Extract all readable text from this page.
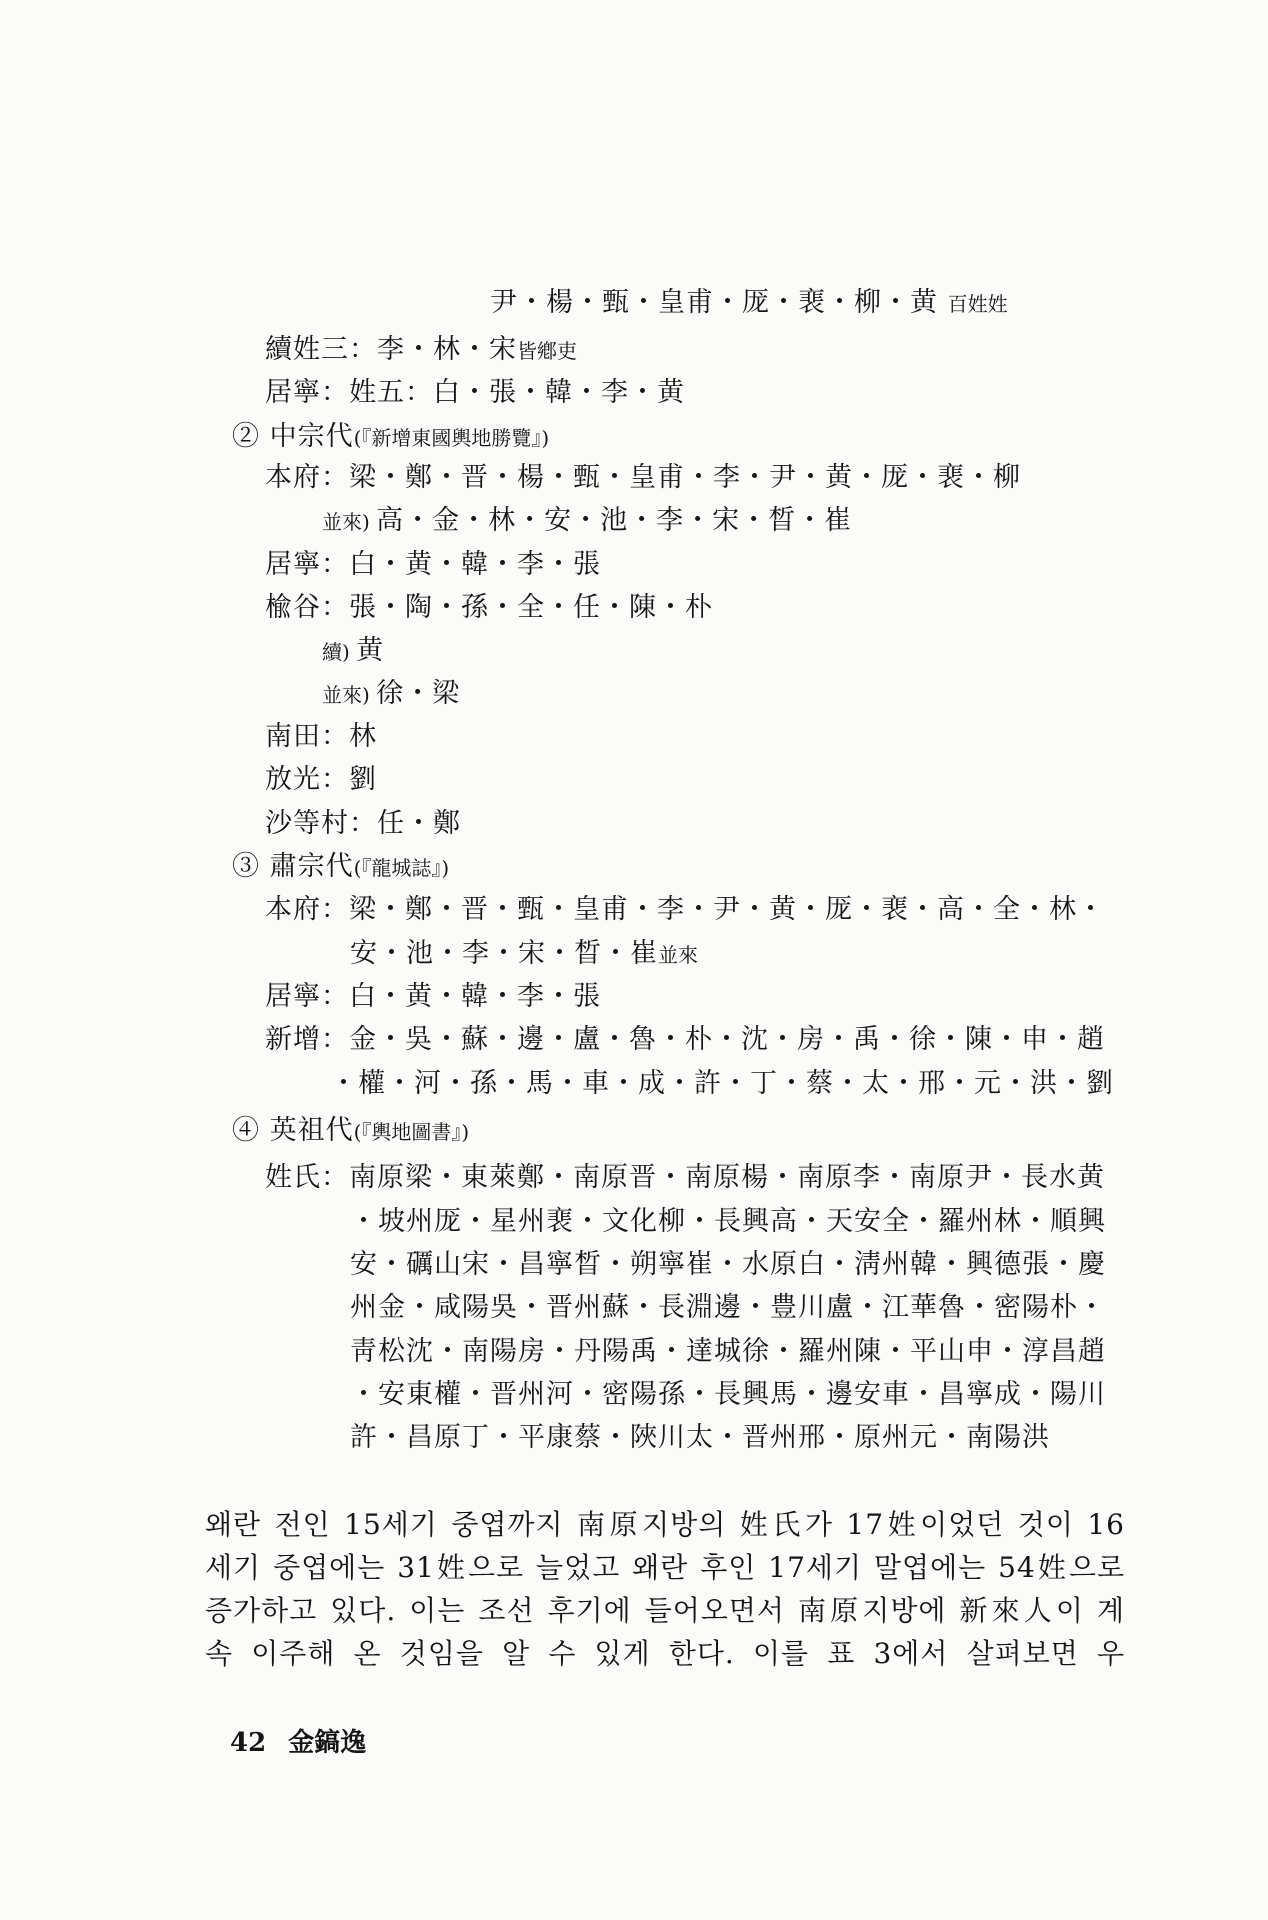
尹・楊・甄・皇甫・厐・裵・柳・黄 百姓姓
續姓三：李・林・宋皆鄕吏
居寧：姓五：白・張・韓・李・黄
② 中宗代(『新增東國輿地勝覽』)
本府：梁・鄭・晋・楊・甄・皇甫・李・尹・黄・厐・裵・柳
並來) 高・金・林・安・池・李・宋・晳・崔
居寧：白・黄・韓・李・張
楡谷：張・陶・孫・全・任・陳・朴
續) 黄
並來) 徐・梁
南田：林
放光：劉
沙等村：任・鄭
③ 肅宗代(『龍城誌』)
本府：梁・鄭・晋・甄・皇甫・李・尹・黄・厐・裵・高・全・林・
安・池・李・宋・晳・崔並來
居寧：白・黄・韓・李・張
新增：金・吳・蘇・邊・盧・魯・朴・沈・房・禹・徐・陳・申・趙
・權・河・孫・馬・車・成・許・丁・蔡・太・邢・元・洪・劉
④ 英祖代(『輿地圖書』)
姓氏：南原梁・東萊鄭・南原晋・南原楊・南原李・南原尹・長水黄
・坡州厐・星州裵・文化柳・長興高・天安全・羅州林・順興
安・礪山宋・昌寧晳・朔寧崔・水原白・淸州韓・興德張・慶
州金・咸陽吳・晋州蘇・長淵邊・豊川盧・江華魯・密陽朴・
靑松沈・南陽房・丹陽禹・達城徐・羅州陳・平山申・淳昌趙
・安東權・晋州河・密陽孫・長興馬・邊安車・昌寧成・陽川
許・昌原丁・平康蔡・陜川太・晋州邢・原州元・南陽洪
왜란 전인 15세기 중엽까지 南原지방의 姓氏가 17姓이었던 것이 16
세기 중엽에는 31姓으로 늘었고 왜란 후인 17세기 말엽에는 54姓으로
증가하고 있다. 이는 조선 후기에 들어오면서 南原지방에 新來人이 계
속 이주해 온 것임을 알 수 있게 한다. 이를 표 3에서 살펴보면 우
42 金鎬逸
